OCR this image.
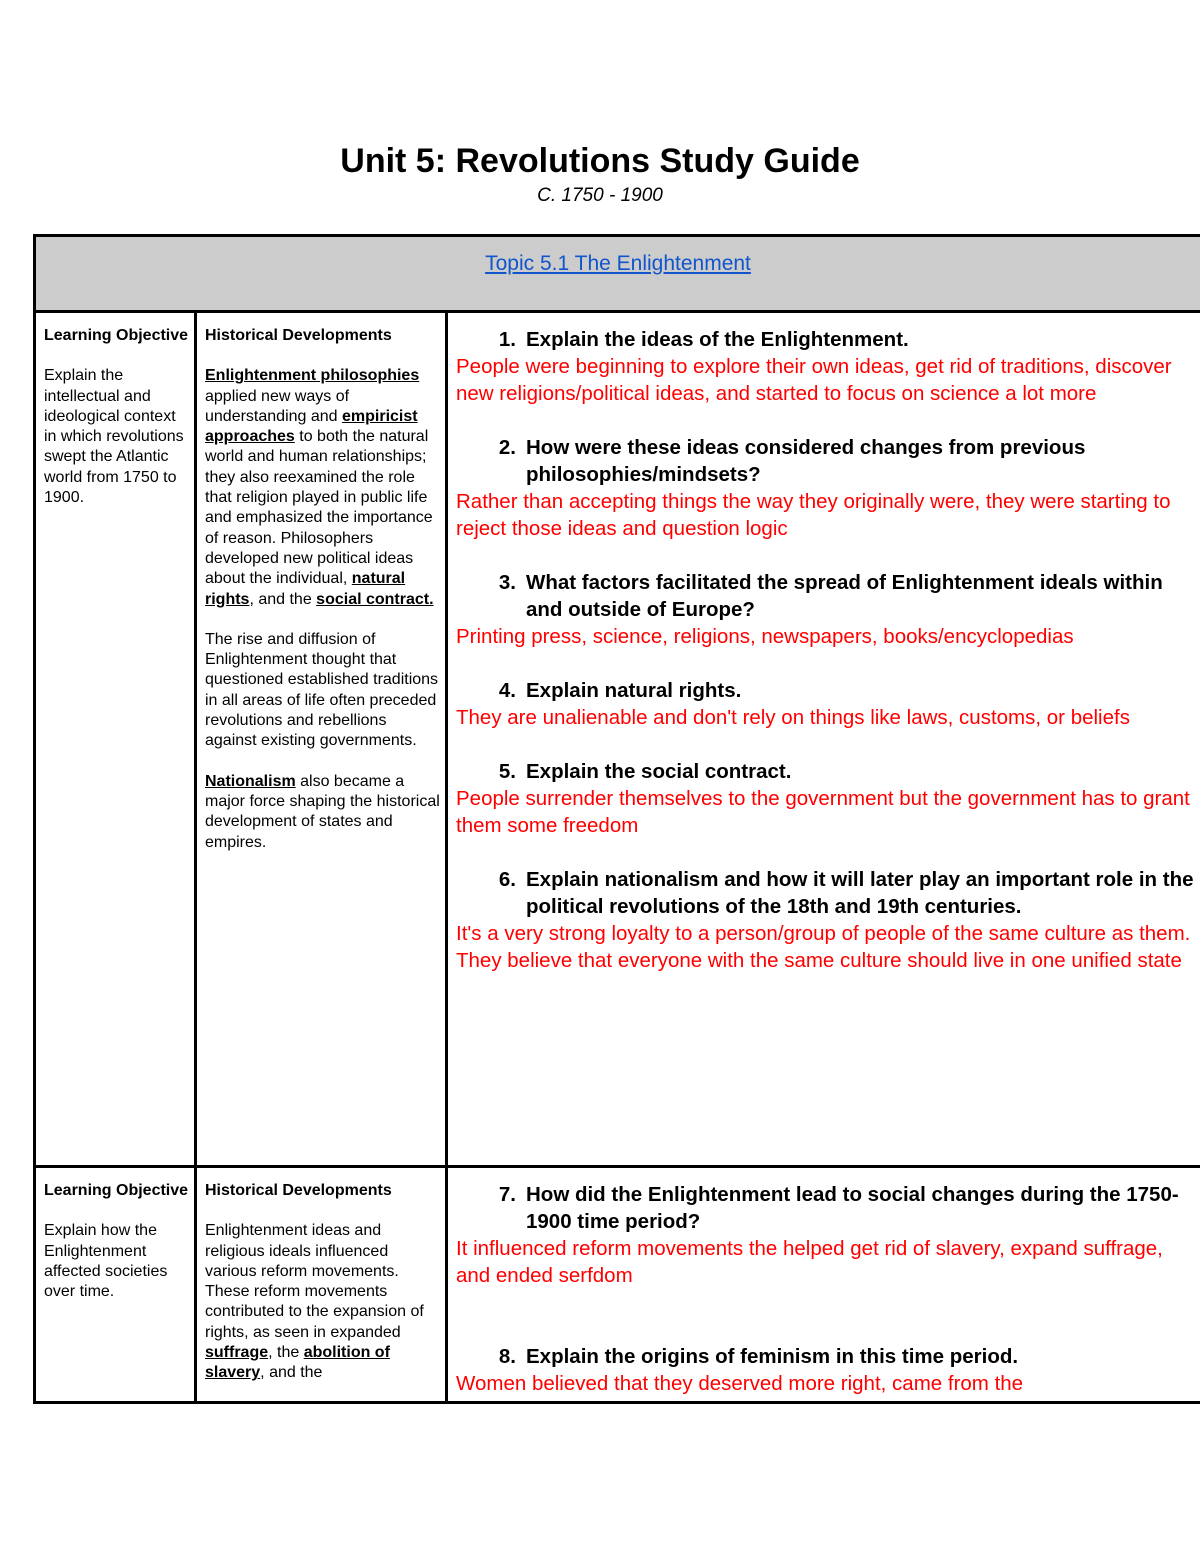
Unit 5: Revolutions Study Guide
C. 1750 - 1900
Topic 5.1 The Enlightenment

Learning Objective

Explain the intellectual and ideological context in which revolutions swept the Atlantic world from 1750 to 1900.

Historical Developments

Enlightenment philosophies applied new ways of understanding and empiricist approaches to both the natural world and human relationships; they also reexamined the role that religion played in public life and emphasized the importance of reason. Philosophers developed new political ideas about the individual, natural rights, and the social contract.

The rise and diffusion of Enlightenment thought that questioned established traditions in all areas of life often preceded revolutions and rebellions against existing governments.

Nationalism also became a major force shaping the historical development of states and empires.

1. Explain the ideas of the Enlightenment.

People were beginning to explore their own ideas, get rid of traditions, discover new religions/political ideas, and started to focus on science a lot more

2. How were these ideas considered changes from previous philosophies/mindsets?

Rather than accepting things the way they originally were, they were starting to reject those ideas and question logic

3. What factors facilitated the spread of Enlightenment ideals within and outside of Europe?

Printing press, science, religions, newspapers, books/encyclopedias

4. Explain natural rights.

They are unalienable and don't rely on things like laws, customs, or beliefs

5. Explain the social contract.

People surrender themselves to the government but the government has to grant them some freedom

6. Explain nationalism and how it will later play an important role in the political revolutions of the 18th and 19th centuries.

It's a very strong loyalty to a person/group of people of the same culture as them. They believe that everyone with the same culture should live in one unified state

Learning Objective

Explain how the Enlightenment affected societies over time.

Historical Developments

Enlightenment ideas and religious ideals influenced various reform movements. These reform movements contributed to the expansion of rights, as seen in expanded suffrage, the abolition of slavery, and the

7. How did the Enlightenment lead to social changes during the 1750-1900 time period?

It influenced reform movements the helped get rid of slavery, expand suffrage, and ended serfdom

8. Explain the origins of feminism in this time period.

Women believed that they deserved more right, came from the
